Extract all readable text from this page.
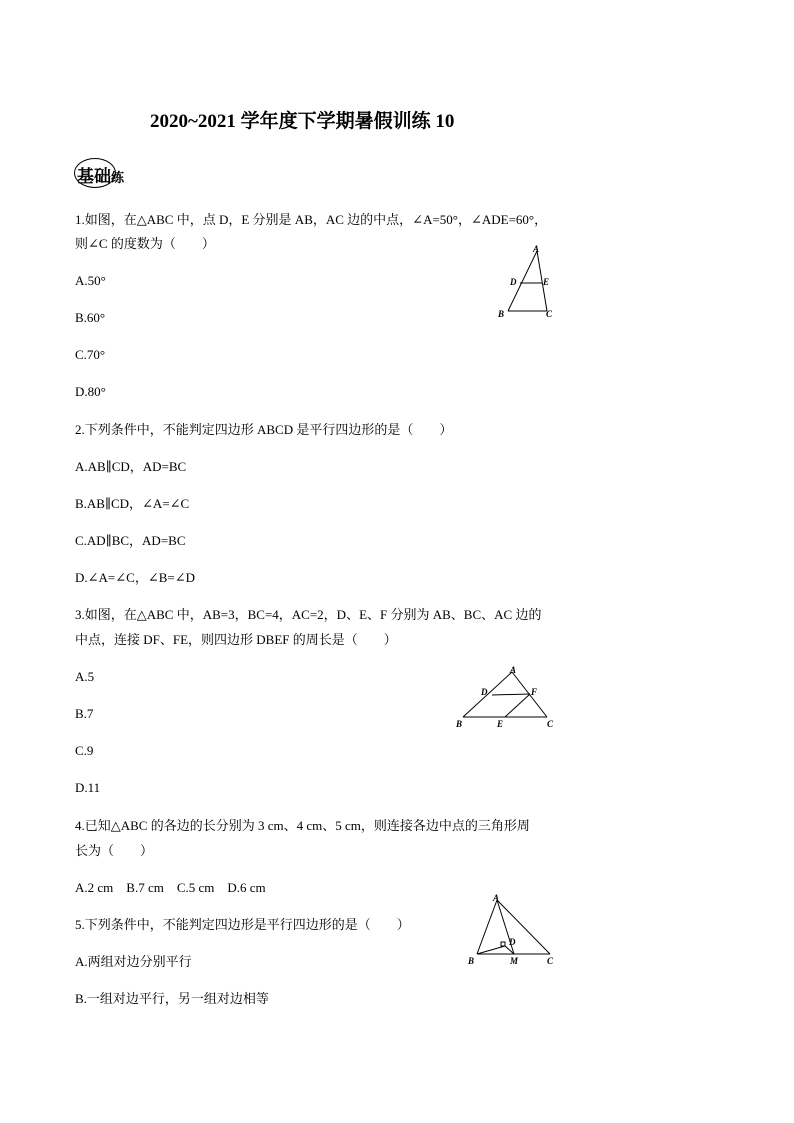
2020~2021 学年度下学期暑假训练 10
基础练
1.如图，在△ABC 中，点 D，E 分别是 AB，AC 边的中点，∠A=50°，∠ADE=60°，
则∠C 的度数为（　　）
A.50°
B.60°
C.70°
D.80°
A
D	E
B	C
2.下列条件中，不能判定四边形 ABCD 是平行四边形的是（　　）
A.AB∥CD，AD=BC
B.AB∥CD，∠A=∠C
C.AD∥BC，AD=BC
D.∠A=∠C，∠B=∠D
3.如图，在△ABC 中，AB=3，BC=4，AC=2，D、E、F 分别为 AB、BC、AC 边的
中点，连接 DF、FE，则四边形 DBEF 的周长是（　　）
A.5
B.7
C.9
D.11
A
D	F
B	E	C
4.已知△ABC 的各边的长分别为 3 cm、4 cm、5 cm，则连接各边中点的三角形周
长为（　　）
A.2 cm　B.7 cm　C.5 cm　D.6 cm
5.下列条件中，不能判定四边形是平行四边形的是（　　）
A.两组对边分别平行
B.一组对边平行，另一组对边相等
A
D
B	M	C
